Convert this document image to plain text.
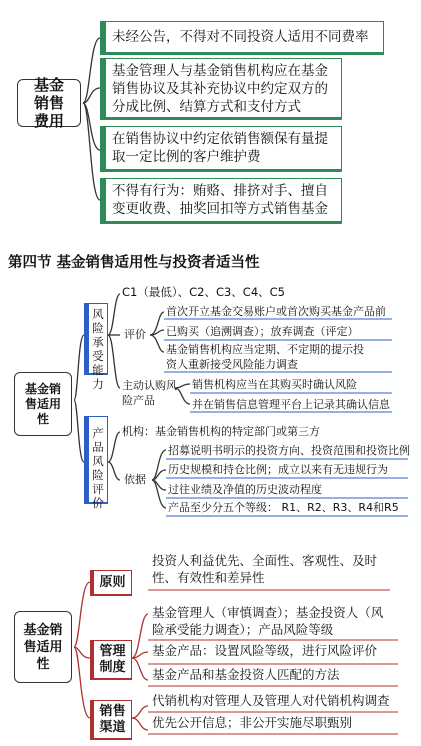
基金销售费用
未经公告，不得对不同投资人适用不同费率
基金管理人与基金销售机构应在基金销售协议及其补充协议中约定双方的分成比例、结算方式和支付方式
在销售协议中约定依销售额保有量提取一定比例的客户维护费
不得有行为：贿赂、排挤对手、擅自变更收费、抽奖回扣等方式销售基金
第四节 基金销售适用性与投资者适当性
基金销售适用性
风险承受能力
产品风险评价
C1（最低）、C2、C3、C4、C5
评价
首次开立基金交易账户或首次购买基金产品前
已购买（追溯调查）；放弃调查（评定）
基金销售机构应当定期、不定期的提示投资人重新接受风险能力调查
主动认购风险产品
销售机构应当在其购买时确认风险
并在销售信息管理平台上记录其确认信息
机构：基金销售机构的特定部门或第三方
依据
招募说明书明示的投资方向、投资范围和投资比例
历史规模和持仓比例；成立以来有无违规行为
过往业绩及净值的历史波动程度
产品至少分五个等级： R1、R2、R3、R4和R5
基金销售适用性
原则
管理制度
销售渠道
投资人利益优先、全面性、客观性、及时性、有效性和差异性
基金管理人（审慎调查）；基金投资人（风险承受能力调查）；产品风险等级
基金产品：设置风险等级，进行风险评价
基金产品和基金投资人匹配的方法
代销机构对管理人及管理人对代销机构调查
优先公开信息；非公开实施尽职甄别
